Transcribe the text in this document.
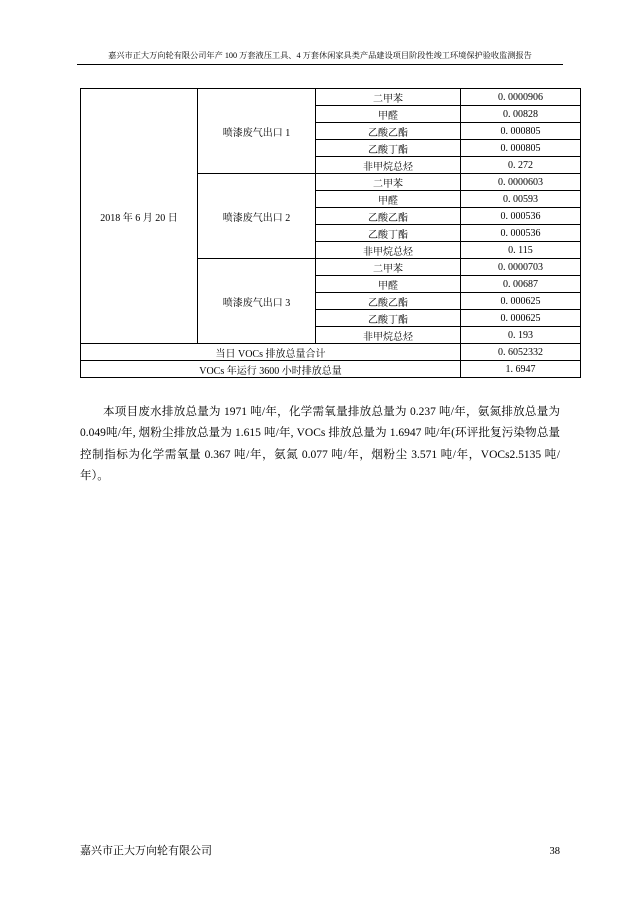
嘉兴市正大万向轮有限公司年产 100 万套液压工具、4 万套休闲家具类产品建设项目阶段性竣工环境保护验收监测报告
2018 年 6 月 20 日	喷漆废气出口 1	二甲苯	0. 0000906
		甲醛	0. 00828
		乙酸乙酯	0. 000805
		乙酸丁酯	0. 000805
		非甲烷总烃	0. 272
	喷漆废气出口 2	二甲苯	0. 0000603
		甲醛	0. 00593
		乙酸乙酯	0. 000536
		乙酸丁酯	0. 000536
		非甲烷总烃	0. 115
	喷漆废气出口 3	二甲苯	0. 0000703
		甲醛	0. 00687
		乙酸乙酯	0. 000625
		乙酸丁酯	0. 000625
		非甲烷总烃	0. 193
当日 VOCs 排放总量合计			0. 6052332
VOCs 年运行 3600 小时排放总量			1. 6947

本项目废水排放总量为 1971 吨/年，化学需氧量排放总量为 0.237 吨/年，氨氮排放总量为 0.049吨/年, 烟粉尘排放总量为 1.615 吨/年, VOCs 排放总量为 1.6947 吨/年(环评批复污染物总量控制指标为化学需氧量 0.367 吨/年，氨氮 0.077 吨/年，烟粉尘 3.571 吨/年，VOCs2.5135 吨/年）。

嘉兴市正大万向轮有限公司	38
